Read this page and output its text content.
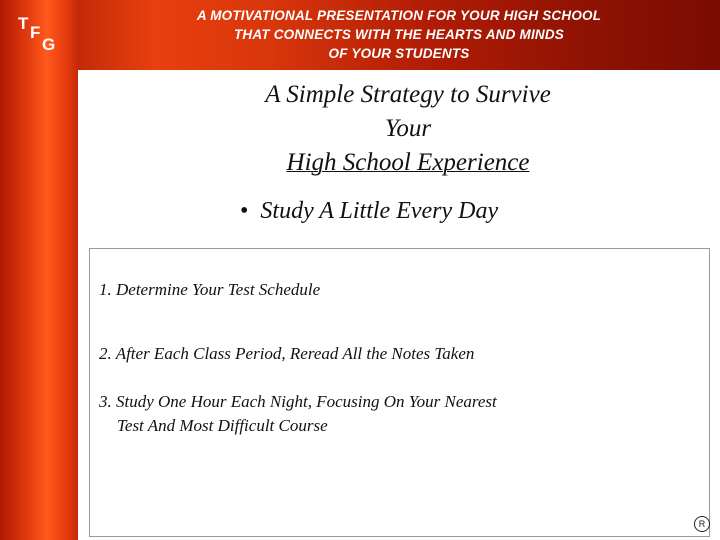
T F
G
A MOTIVATIONAL PRESENTATION FOR YOUR HIGH SCHOOL
THAT CONNECTS WITH THE HEARTS AND MINDS
OF YOUR STUDENTS
A Simple Strategy to Survive
Your
High School Experience
• Study A Little Every Day
1. Determine Your Test Schedule
2. After Each Class Period, Reread All the Notes Taken
3. Study One Hour Each Night, Focusing On Your Nearest
Test And Most Difficult Course
R
